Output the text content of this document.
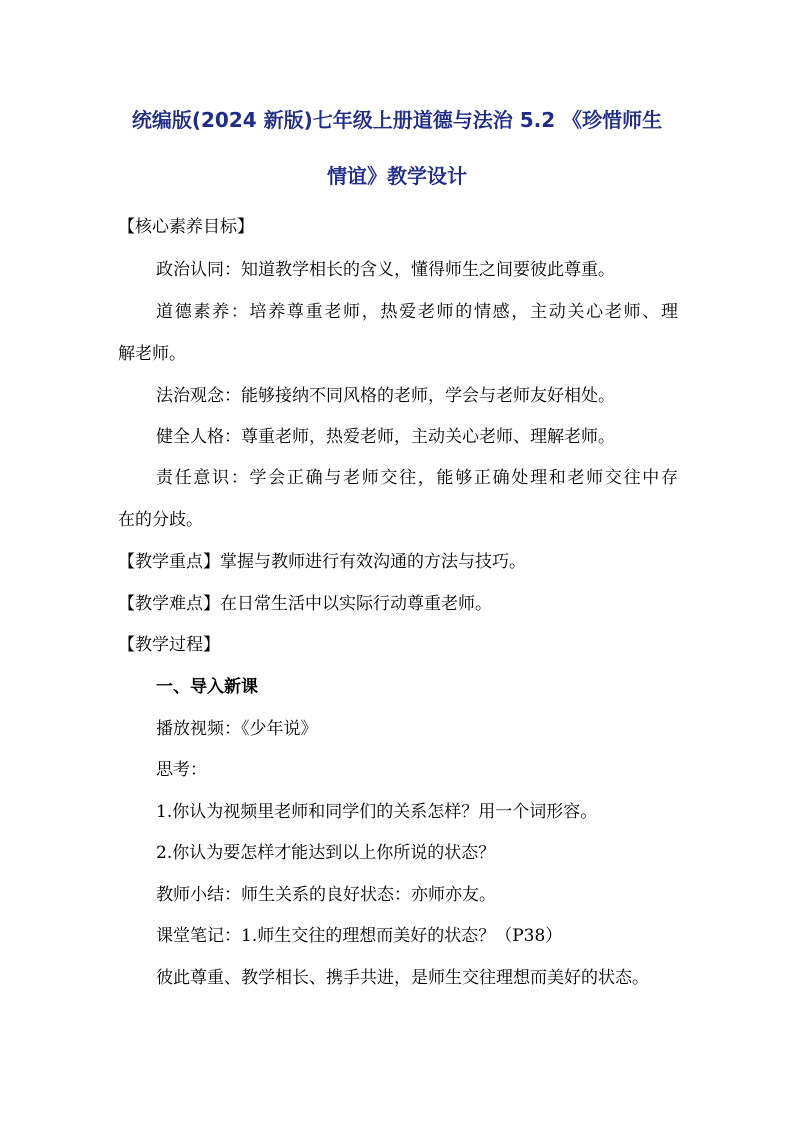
统编版(2024 新版)七年级上册道德与法治 5.2 《珍惜师生
情谊》教学设计

【核心素养目标】

政治认同：知道教学相长的含义，懂得师生之间要彼此尊重。

道德素养：培养尊重老师，热爱老师的情感，主动关心老师、理

解老师。

法治观念：能够接纳不同风格的老师，学会与老师友好相处。

健全人格：尊重老师，热爱老师，主动关心老师、理解老师。

责任意识：学会正确与老师交往，能够正确处理和老师交往中存

在的分歧。

【教学重点】掌握与教师进行有效沟通的方法与技巧。

【教学难点】在日常生活中以实际行动尊重老师。

【教学过程】

一、导入新课

播放视频：《少年说》

思考：

1.你认为视频里老师和同学们的关系怎样？用一个词形容。

2.你认为要怎样才能达到以上你所说的状态？

教师小结：师生关系的良好状态：亦师亦友。

课堂笔记：1.师生交往的理想而美好的状态？（P38）

彼此尊重、教学相长、携手共进，是师生交往理想而美好的状态。
